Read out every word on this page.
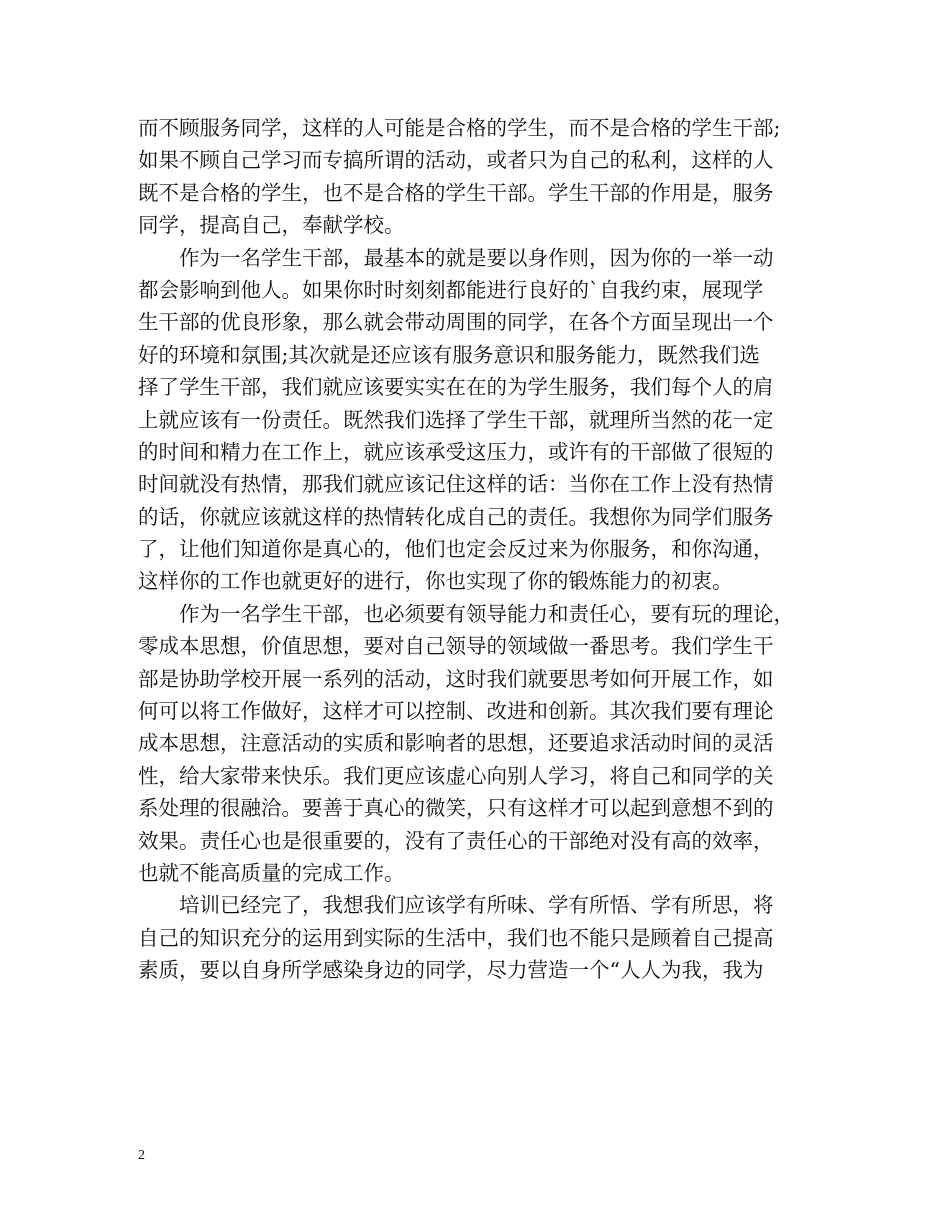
而不顾服务同学，这样的人可能是合格的学生，而不是合格的学生干部;
如果不顾自己学习而专搞所谓的活动，或者只为自己的私利，这样的人
既不是合格的学生，也不是合格的学生干部。学生干部的作用是，服务
同学，提高自己，奉献学校。
作为一名学生干部，最基本的就是要以身作则，因为你的一举一动
都会影响到他人。如果你时时刻刻都能进行良好的`自我约束，展现学
生干部的优良形象，那么就会带动周围的同学，在各个方面呈现出一个
好的环境和氛围;其次就是还应该有服务意识和服务能力，既然我们选
择了学生干部，我们就应该要实实在在的为学生服务，我们每个人的肩
上就应该有一份责任。既然我们选择了学生干部，就理所当然的花一定
的时间和精力在工作上，就应该承受这压力，或许有的干部做了很短的
时间就没有热情，那我们就应该记住这样的话：当你在工作上没有热情
的话，你就应该就这样的热情转化成自己的责任。我想你为同学们服务
了，让他们知道你是真心的，他们也定会反过来为你服务，和你沟通，
这样你的工作也就更好的进行，你也实现了你的锻炼能力的初衷。
作为一名学生干部，也必须要有领导能力和责任心，要有玩的理论，
零成本思想，价值思想，要对自己领导的领域做一番思考。我们学生干
部是协助学校开展一系列的活动，这时我们就要思考如何开展工作，如
何可以将工作做好，这样才可以控制、改进和创新。其次我们要有理论
成本思想，注意活动的实质和影响者的思想，还要追求活动时间的灵活
性，给大家带来快乐。我们更应该虚心向别人学习，将自己和同学的关
系处理的很融洽。要善于真心的微笑，只有这样才可以起到意想不到的
效果。责任心也是很重要的，没有了责任心的干部绝对没有高的效率，
也就不能高质量的完成工作。
培训已经完了，我想我们应该学有所味、学有所悟、学有所思，将
自己的知识充分的运用到实际的生活中，我们也不能只是顾着自己提高
素质，要以自身所学感染身边的同学，尽力营造一个“人人为我，我为
2
